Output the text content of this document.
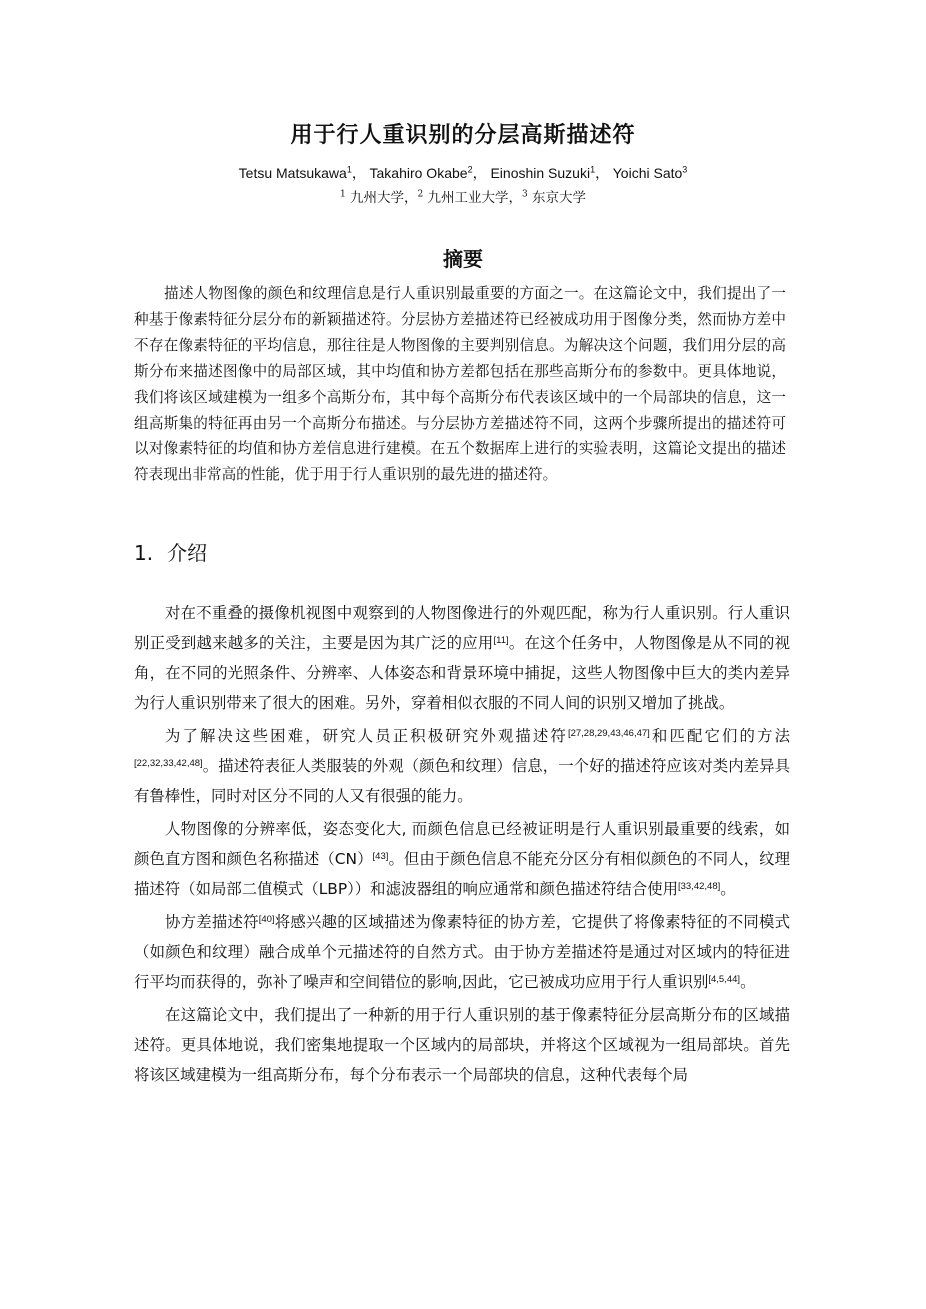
用于行人重识别的分层高斯描述符
Tetsu Matsukawa$^1$， Takahiro Okabe$^2$， Einoshin Suzuki$^1$， Yoichi Sato$^3$
$^1$ 九州大学，$^2$ 九州工业大学，$^3$ 东京大学
摘要

描述人物图像的颜色和纹理信息是行人重识别最重要的方面之一。在这篇论文中，我们提出了一种基于像素特征分层分布的新颖描述符。分层协方差描述符已经被成功用于图像分类，然而协方差中不存在像素特征的平均信息，那往往是人物图像的主要判别信息。为解决这个问题，我们用分层的高斯分布来描述图像中的局部区域，其中均值和协方差都包括在那些高斯分布的参数中。更具体地说，我们将该区域建模为一组多个高斯分布，其中每个高斯分布代表该区域中的一个局部块的信息，这一组高斯集的特征再由另一个高斯分布描述。与分层协方差描述符不同，这两个步骤所提出的描述符可以对像素特征的均值和协方差信息进行建模。在五个数据库上进行的实验表明，这篇论文提出的描述符表现出非常高的性能，优于用于行人重识别的最先进的描述符。

1. 介绍

对在不重叠的摄像机视图中观察到的人物图像进行的外观匹配，称为行人重识别。行人重识别正受到越来越多的关注，主要是因为其广泛的应用[11]。在这个任务中，人物图像是从不同的视角，在不同的光照条件、分辨率、人体姿态和背景环境中捕捉，这些人物图像中巨大的类内差异为行人重识别带来了很大的困难。另外，穿着相似衣服的不同人间的识别又增加了挑战。

为了解决这些困难，研究人员正积极研究外观描述符[27,28,29,43,46,47]和匹配它们的方法[22,32,33,42,48]。描述符表征人类服装的外观（颜色和纹理）信息，一个好的描述符应该对类内差异具有鲁棒性，同时对区分不同的人又有很强的能力。

人物图像的分辨率低，姿态变化大, 而颜色信息已经被证明是行人重识别最重要的线索，如颜色直方图和颜色名称描述（CN）[43]。但由于颜色信息不能充分区分有相似颜色的不同人，纹理描述符（如局部二值模式（LBP））和滤波器组的响应通常和颜色描述符结合使用[33,42,48]。

协方差描述符[40]将感兴趣的区域描述为像素特征的协方差，它提供了将像素特征的不同模式（如颜色和纹理）融合成单个元描述符的自然方式。由于协方差描述符是通过对区域内的特征进行平均而获得的，弥补了噪声和空间错位的影响,因此，它已被成功应用于行人重识别[4,5,44]。

在这篇论文中，我们提出了一种新的用于行人重识别的基于像素特征分层高斯分布的区域描述符。更具体地说，我们密集地提取一个区域内的局部块，并将这个区域视为一组局部块。首先将该区域建模为一组高斯分布，每个分布表示一个局部块的信息，这种代表每个局
